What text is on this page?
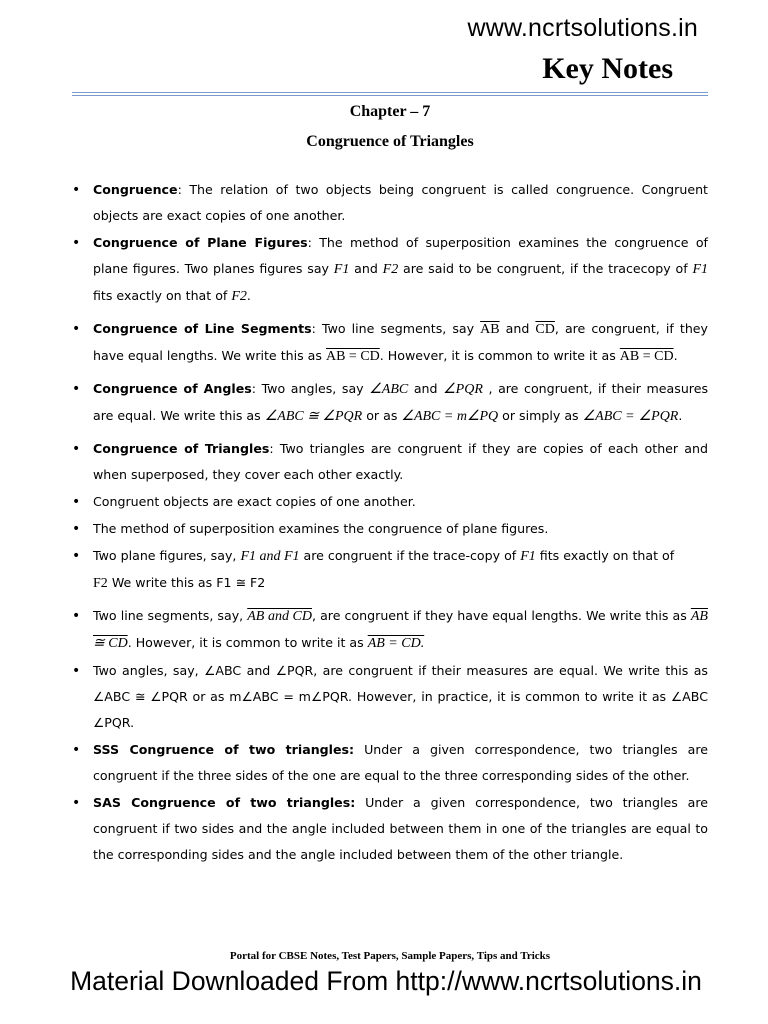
www.ncrtsolutions.in
Key Notes
Chapter – 7
Congruence of Triangles
• Congruence: The relation of two objects being congruent is called congruence. Congruent objects are exact copies of one another.
• Congruence of Plane Figures: The method of superposition examines the congruence of plane figures. Two planes figures say F1 and F2 are said to be congruent, if the tracecopy of F1 fits exactly on that of F2.
• Congruence of Line Segments: Two line segments, say $\overline{AB}$ and $\overline{CD}$, are congruent, if they have equal lengths. We write this as AB = CD. However, it is common to write it as AB = CD.
• Congruence of Angles: Two angles, say ∠ABC and ∠PQR , are congruent, if their measures are equal. We write this as ∠ABC ≅ ∠PQR or as ∠ABC = m∠PQ or simply as ∠ABC = ∠PQR.
• Congruence of Triangles: Two triangles are congruent if they are copies of each other and when superposed, they cover each other exactly.
• Congruent objects are exact copies of one another.
• The method of superposition examines the congruence of plane figures.
• Two plane figures, say, F1 and F1 are congruent if the trace-copy of F1 fits exactly on that of
F2 We write this as F1 ≅ F2
• Two line segments, say, AB and CD, are congruent if they have equal lengths. We write this as AB ≅ CD. However, it is common to write it as AB = CD.
• Two angles, say, ∠ABC and ∠PQR, are congruent if their measures are equal. We write this as ∠ABC ≅ ∠PQR or as m∠ABC = m∠PQR. However, in practice, it is common to write it as ∠ABC ∠PQR.
• SSS Congruence of two triangles: Under a given correspondence, two triangles are congruent if the three sides of the one are equal to the three corresponding sides of the other.
• SAS Congruence of two triangles: Under a given correspondence, two triangles are congruent if two sides and the angle included between them in one of the triangles are equal to the corresponding sides and the angle included between them of the other triangle.
Portal for CBSE Notes, Test Papers, Sample Papers, Tips and Tricks
Material Downloaded From http://www.ncrtsolutions.in
